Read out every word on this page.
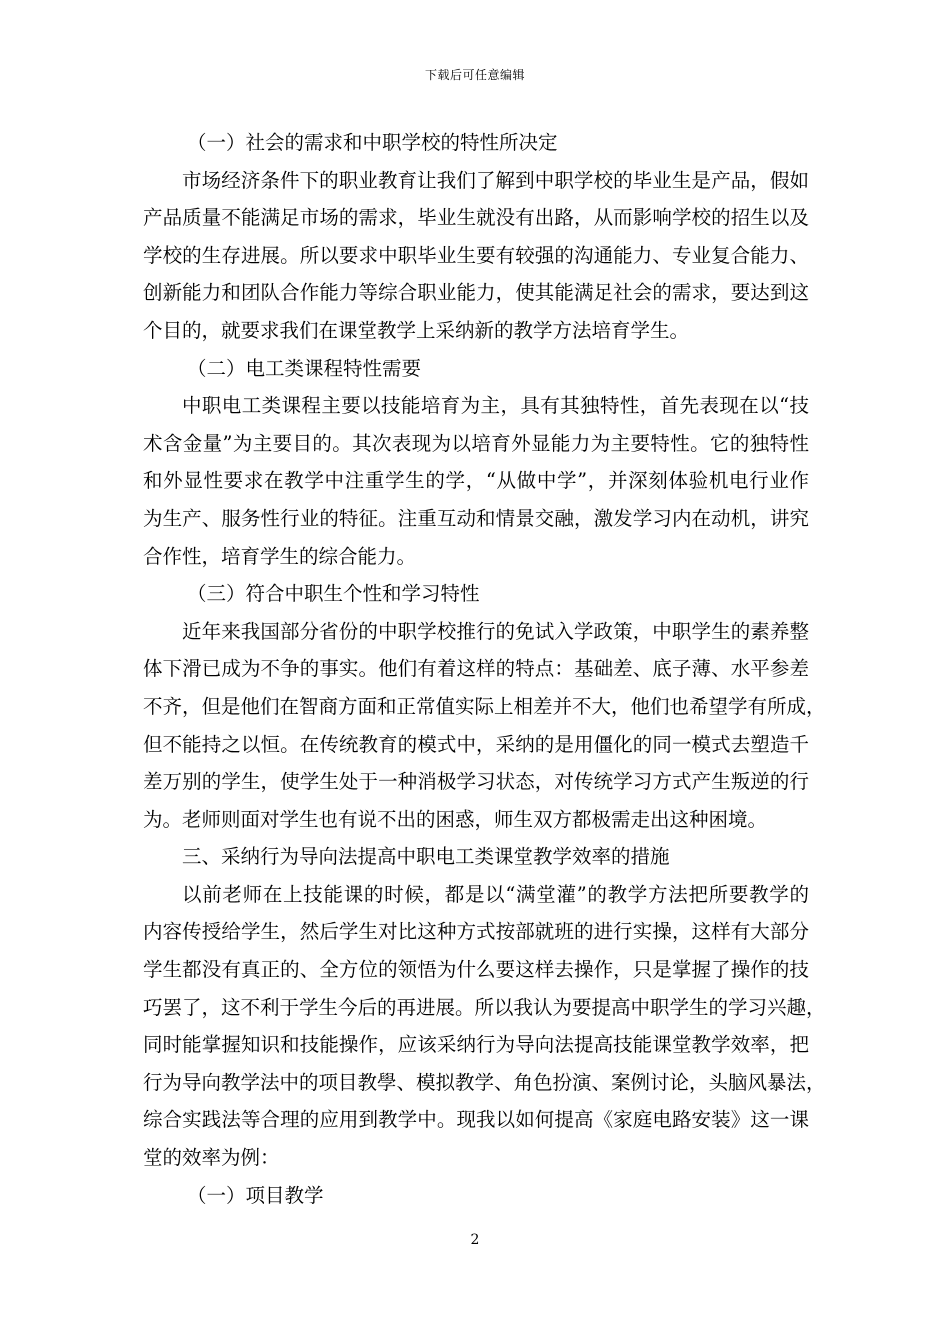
下载后可任意编辑
（一）社会的需求和中职学校的特性所决定
市场经济条件下的职业教育让我们了解到中职学校的毕业生是产品，假如
产品质量不能满足市场的需求，毕业生就没有出路，从而影响学校的招生以及
学校的生存进展。所以要求中职毕业生要有较强的沟通能力、专业复合能力、
创新能力和团队合作能力等综合职业能力，使其能满足社会的需求，要达到这
个目的，就要求我们在课堂教学上采纳新的教学方法培育学生。
（二）电工类课程特性需要
中职电工类课程主要以技能培育为主，具有其独特性，首先表现在以“技
术含金量”为主要目的。其次表现为以培育外显能力为主要特性。它的独特性
和外显性要求在教学中注重学生的学，“从做中学”，并深刻体验机电行业作
为生产、服务性行业的特征。注重互动和情景交融，激发学习内在动机，讲究
合作性，培育学生的综合能力。
（三）符合中职生个性和学习特性
近年来我国部分省份的中职学校推行的免试入学政策，中职学生的素养整
体下滑已成为不争的事实。他们有着这样的特点：基础差、底子薄、水平参差
不齐，但是他们在智商方面和正常值实际上相差并不大，他们也希望学有所成，
但不能持之以恒。在传统教育的模式中，采纳的是用僵化的同一模式去塑造千
差万别的学生，使学生处于一种消极学习状态，对传统学习方式产生叛逆的行
为。老师则面对学生也有说不出的困惑，师生双方都极需走出这种困境。
三、采纳行为导向法提高中职电工类课堂教学效率的措施
以前老师在上技能课的时候，都是以“满堂灌”的教学方法把所要教学的
内容传授给学生，然后学生对比这种方式按部就班的进行实操，这样有大部分
学生都没有真正的、全方位的领悟为什么要这样去操作，只是掌握了操作的技
巧罢了，这不利于学生今后的再进展。所以我认为要提高中职学生的学习兴趣，
同时能掌握知识和技能操作，应该采纳行为导向法提高技能课堂教学效率，把
行为导向教学法中的项目教學、模拟教学、角色扮演、案例讨论，头脑风暴法，
综合实践法等合理的应用到教学中。现我以如何提高《家庭电路安装》这一课
堂的效率为例：
（一）项目教学
2
